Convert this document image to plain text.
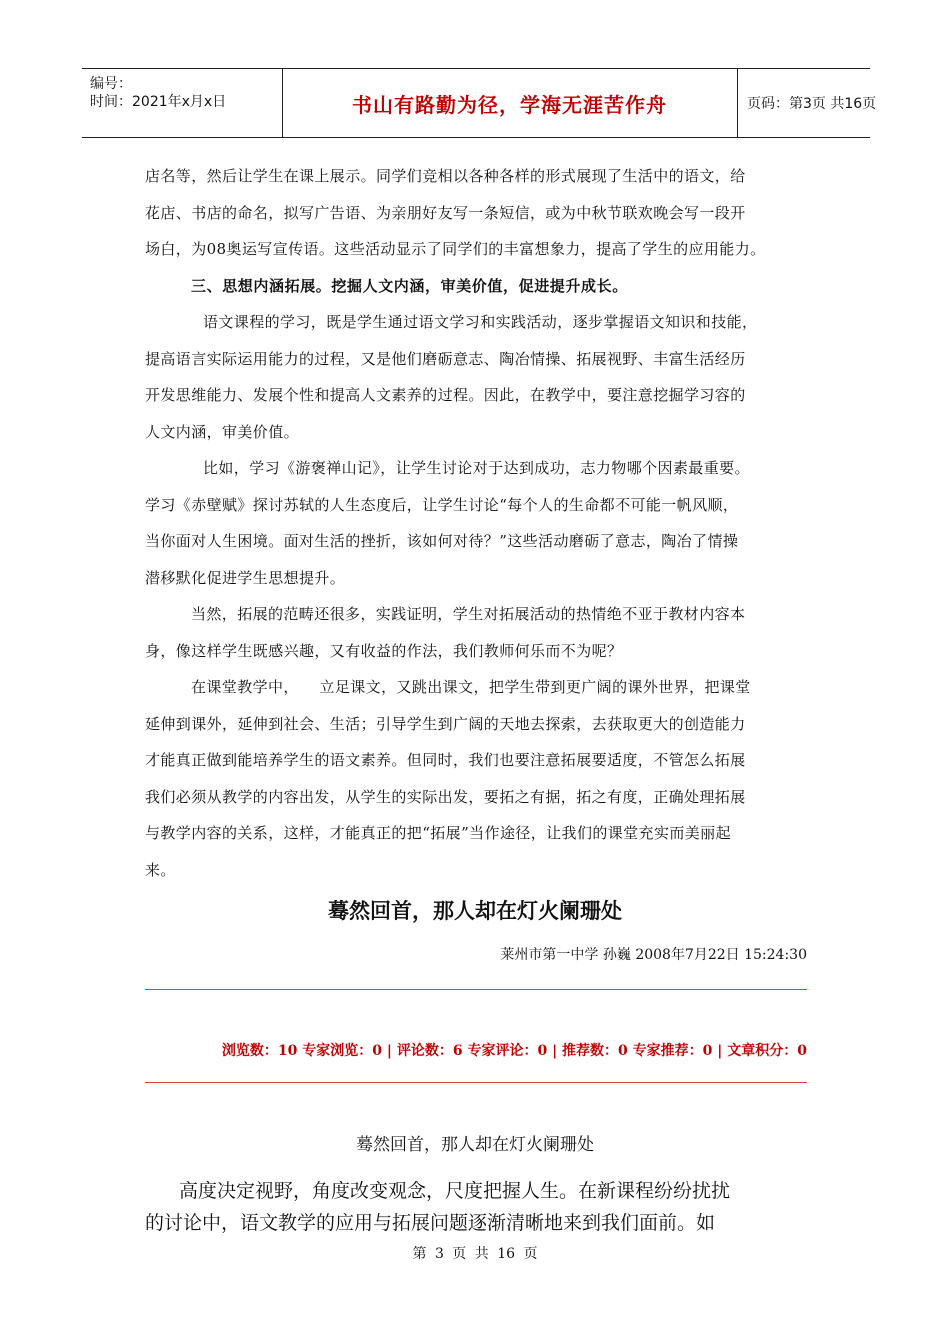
编号：
时间：2021年x月x日	书山有路勤为径，学海无涯苦作舟	页码：第3页 共16页

店名等，然后让学生在课上展示。同学们竞相以各种各样的形式展现了生活中的语文，给
花店、书店的命名，拟写广告语、为亲朋好友写一条短信，或为中秋节联欢晚会写一段开
场白，为08奥运写宣传语。这些活动显示了同学们的丰富想象力，提高了学生的应用能力。

三、思想内涵拓展。挖掘人文内涵，审美价值，促进提升成长。

语文课程的学习，既是学生通过语文学习和实践活动，逐步掌握语文知识和技能，
提高语言实际运用能力的过程，又是他们磨砺意志、陶冶情操、拓展视野、丰富生活经历
开发思维能力、发展个性和提高人文素养的过程。因此，在教学中，要注意挖掘学习容的
人文内涵，审美价值。

比如，学习《游褒禅山记》，让学生讨论对于达到成功，志力物哪个因素最重要。
学习《赤壁赋》探讨苏轼的人生态度后，让学生讨论“每个人的生命都不可能一帆风顺，
当你面对人生困境。面对生活的挫折，该如何对待？”这些活动磨砺了意志，陶冶了情操
潜移默化促进学生思想提升。

当然，拓展的范畴还很多，实践证明，学生对拓展活动的热情绝不亚于教材内容本
身，像这样学生既感兴趣，又有收益的作法，我们教师何乐而不为呢？

在课堂教学中，    立足课文，又跳出课文，把学生带到更广阔的课外世界，把课堂
延伸到课外，延伸到社会、生活；引导学生到广阔的天地去探索，去获取更大的创造能力
才能真正做到能培养学生的语文素养。但同时，我们也要注意拓展要适度，不管怎么拓展
我们必须从教学的内容出发，从学生的实际出发，要拓之有据，拓之有度，正确处理拓展
与教学内容的关系，这样，才能真正的把“拓展”当作途径，让我们的课堂充实而美丽起
来。

蓦然回首，那人却在灯火阑珊处
莱州市第一中学 孙巍 2008年7月22日 15:24:30
浏览数：10 专家浏览：0 | 评论数：6 专家评论：0 | 推荐数：0 专家推荐：0 | 文章积分：0
蓦然回首，那人却在灯火阑珊处
高度决定视野，角度改变观念，尺度把握人生。在新课程纷纷扰扰
的讨论中，语文教学的应用与拓展问题逐渐清晰地来到我们面前。如
第 3 页 共 16 页
